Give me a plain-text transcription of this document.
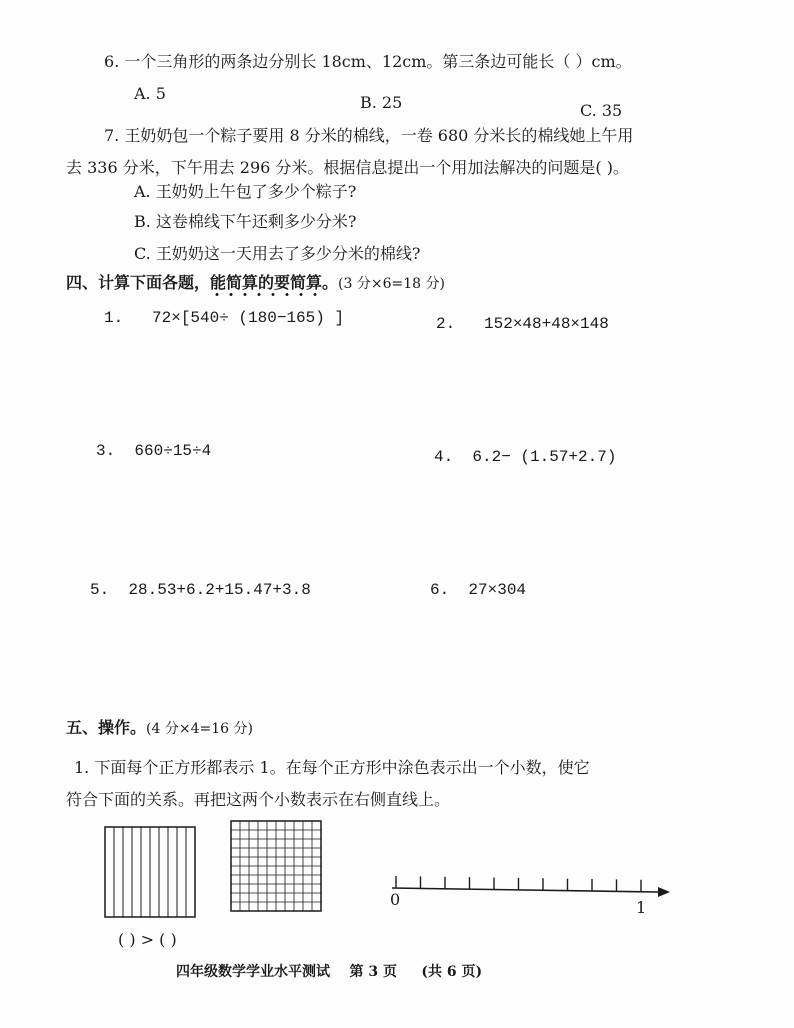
6. 一个三角形的两条边分别长 18cm、12cm。第三条边可能长（ ）cm。
A. 5	B. 25	C. 35
7. 王奶奶包一个粽子要用 8 分米的棉线，一卷 680 分米长的棉线她上午用
去 336 分米，下午用去 296 分米。根据信息提出一个用加法解决的问题是( )。
A. 王奶奶上午包了多少个粽子?
B. 这卷棉线下午还剩多少分米?
C. 王奶奶这一天用去了多少分米的棉线?
四、计算下面各题，能简算的要简算。(3 分×6=18 分)
1. 72×[540÷ (180−165) ]	2. 152×48+48×148
3. 660÷15÷4	4. 6.2− (1.57+2.7)
5. 28.53+6.2+15.47+3.8	6. 27×304
五、操作。(4 分×4=16 分)
1. 下面每个正方形都表示 1。在每个正方形中涂色表示出一个小数，使它
符合下面的关系。再把这两个小数表示在右侧直线上。
( ) > ( )
0	1
四年级数学学业水平测试 第 3 页 (共 6 页)
